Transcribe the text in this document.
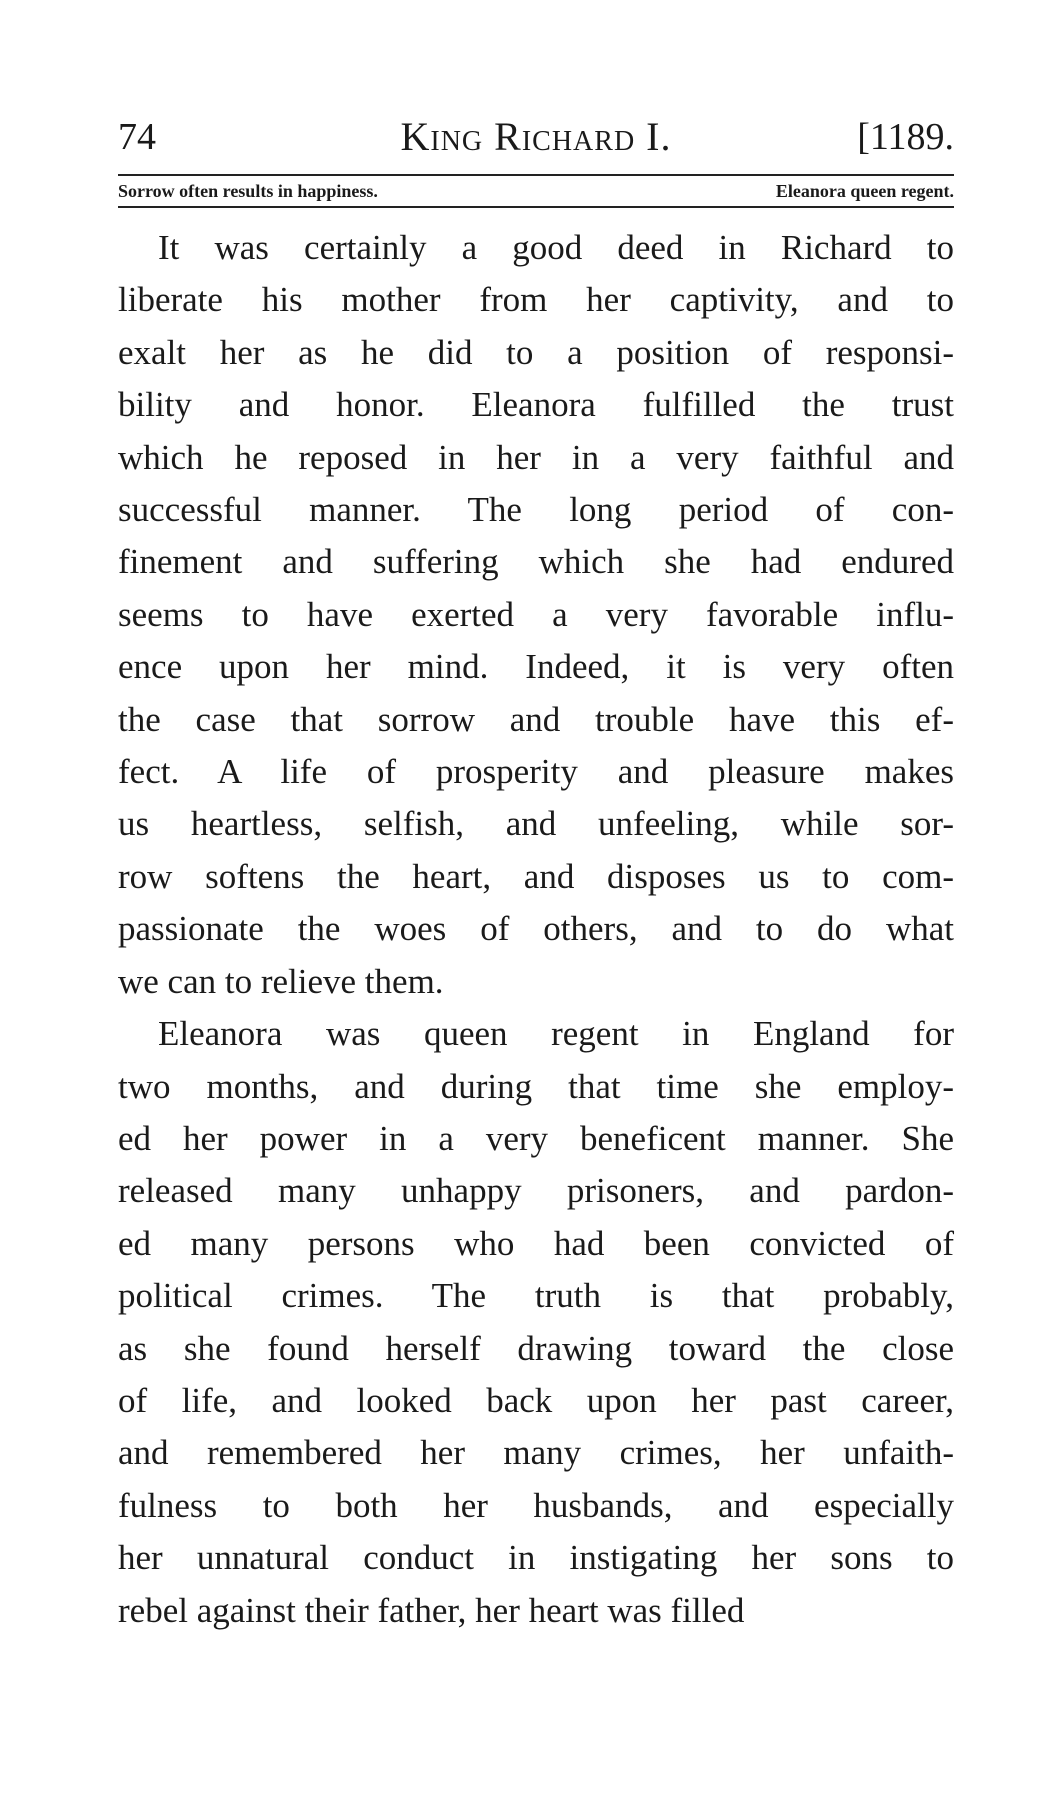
74	King Richard I.	[1189.
Sorrow often results in happiness.	Eleanora queen regent.
It was certainly a good deed in Richard to
liberate his mother from her captivity, and to
exalt her as he did to a position of responsi-
bility and honor. Eleanora fulfilled the trust
which he reposed in her in a very faithful and
successful manner. The long period of con-
finement and suffering which she had endured
seems to have exerted a very favorable influ-
ence upon her mind. Indeed, it is very often
the case that sorrow and trouble have this ef-
fect. A life of prosperity and pleasure makes
us heartless, selfish, and unfeeling, while sor-
row softens the heart, and disposes us to com-
passionate the woes of others, and to do what
we can to relieve them.
Eleanora was queen regent in England for
two months, and during that time she employ-
ed her power in a very beneficent manner. She
released many unhappy prisoners, and pardon-
ed many persons who had been convicted of
political crimes. The truth is that probably,
as she found herself drawing toward the close
of life, and looked back upon her past career,
and remembered her many crimes, her unfaith-
fulness to both her husbands, and especially
her unnatural conduct in instigating her sons to
rebel against their father, her heart was filled
